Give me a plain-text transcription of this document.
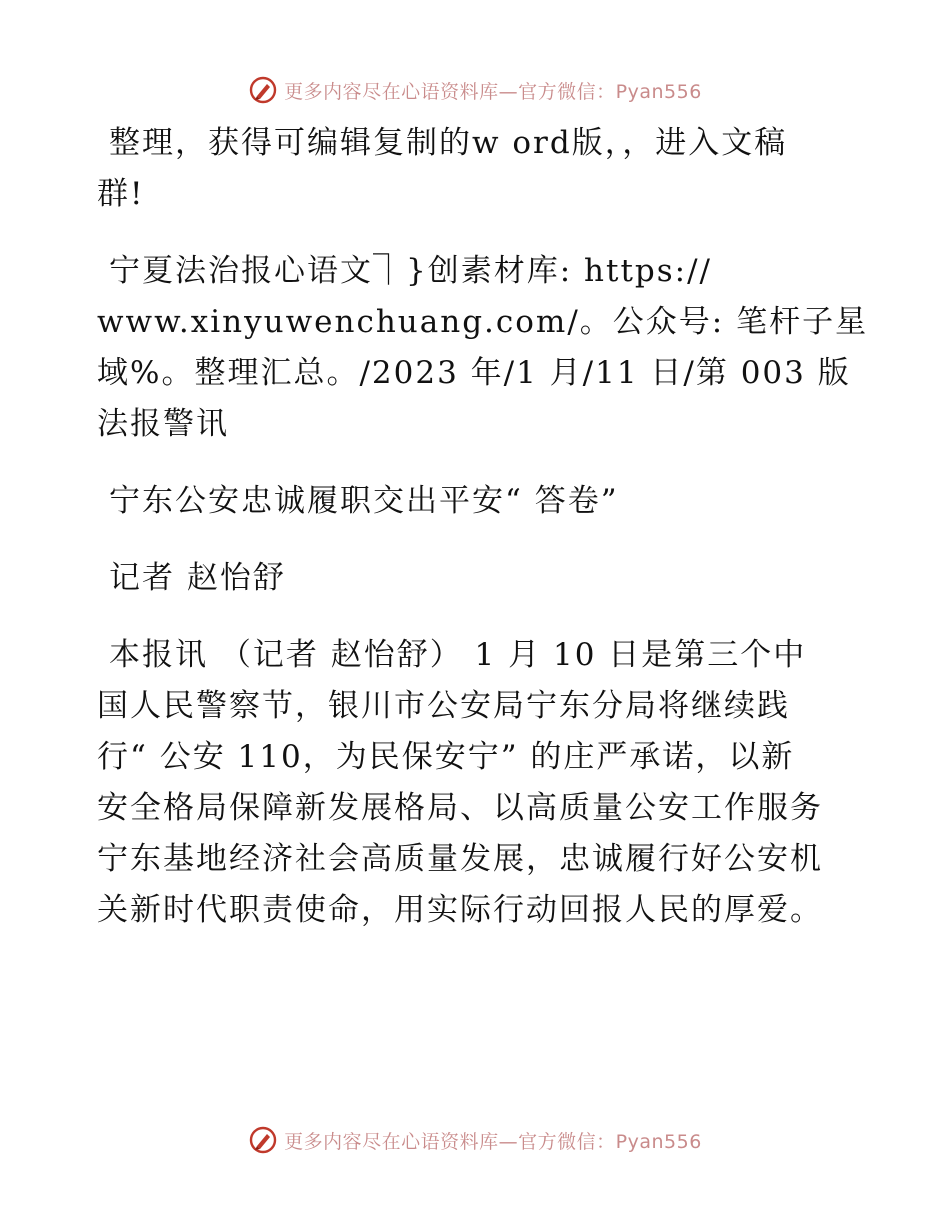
更多内容尽在心语资料库—官方微信：Pyan556

整理，获得可编辑复制的w ord版，，进入文稿
群!

宁夏法治报心语文⏋}创素材库: https://
www.xinyuwenchuang.com/。公众号: 笔杆子星
域%。整理汇总。/2023 年/1 月/11 日/第 003 版
法报警讯

宁东公安忠诚履职交出平安“ 答卷”

记者 赵怡舒

本报讯 （记者 赵怡舒） 1 月 10 日是第三个中
国人民警察节，银川市公安局宁东分局将继续践
行“ 公安 110，为民保安宁” 的庄严承诺，以新
安全格局保障新发展格局、以高质量公安工作服务
宁东基地经济社会高质量发展，忠诚履行好公安机
关新时代职责使命，用实际行动回报人民的厚爱。

更多内容尽在心语资料库—官方微信：Pyan556
